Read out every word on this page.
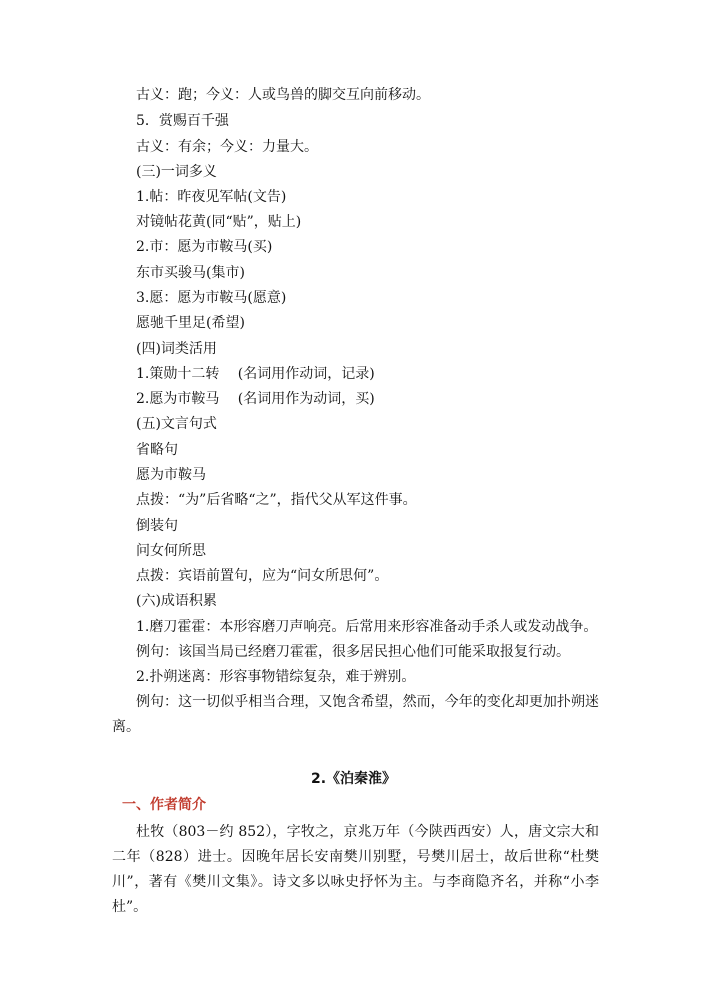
古义：跑；今义：人或鸟兽的脚交互向前移动。
5．赏赐百千强
古义：有余；今义：力量大。
(三)一词多义
1.帖：昨夜见军帖(文告)
对镜帖花黄(同“贴”，贴上)
2.市：愿为市鞍马(买)
东市买骏马(集市)
3.愿：愿为市鞍马(愿意)
愿驰千里足(希望)
(四)词类活用
1.策勋十二转　 (名词用作动词，记录)
2.愿为市鞍马　 (名词用作为动词，买)
(五)文言句式
省略句
愿为市鞍马
点拨：“为”后省略“之”，指代父从军这件事。
倒装句
问女何所思
点拨：宾语前置句，应为“问女所思何”。
(六)成语积累
1.磨刀霍霍：本形容磨刀声响亮。后常用来形容准备动手杀人或发动战争。
例句：该国当局已经磨刀霍霍，很多居民担心他们可能采取报复行动。
2.扑朔迷离：形容事物错综复杂，难于辨别。
例句：这一切似乎相当合理，又饱含希望，然而，今年的变化却更加扑朔迷离。
2.《泊秦淮》
一、作者简介
杜牧（803－约 852），字牧之，京兆万年（今陕西西安）人，唐文宗大和二年（828）进士。因晚年居长安南樊川别墅，号樊川居士，故后世称“杜樊川”，著有《樊川文集》。诗文多以咏史抒怀为主。与李商隐齐名，并称“小李杜”。
